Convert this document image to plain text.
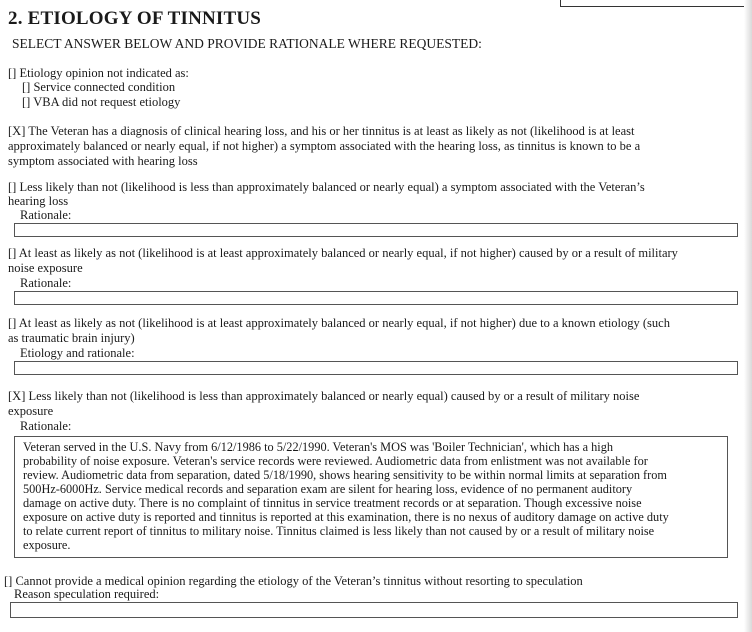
2. ETIOLOGY OF TINNITUS
SELECT ANSWER BELOW AND PROVIDE RATIONALE WHERE REQUESTED:
[] Etiology opinion not indicated as:
[] Service connected condition
[] VBA did not request etiology
[X] The Veteran has a diagnosis of clinical hearing loss, and his or her tinnitus is at least as likely as not (likelihood is at least
approximately balanced or nearly equal, if not higher) a symptom associated with the hearing loss, as tinnitus is known to be a
symptom associated with hearing loss
[] Less likely than not (likelihood is less than approximately balanced or nearly equal) a symptom associated with the Veteran’s
hearing loss
Rationale:
[] At least as likely as not (likelihood is at least approximately balanced or nearly equal, if not higher) caused by or a result of military
noise exposure
Rationale:
[] At least as likely as not (likelihood is at least approximately balanced or nearly equal, if not higher) due to a known etiology (such
as traumatic brain injury)
Etiology and rationale:
[X] Less likely than not (likelihood is less than approximately balanced or nearly equal) caused by or a result of military noise
exposure
Rationale:
Veteran served in the U.S. Navy from 6/12/1986 to 5/22/1990. Veteran's MOS was 'Boiler Technician', which has a high
probability of noise exposure. Veteran's service records were reviewed. Audiometric data from enlistment was not available for
review. Audiometric data from separation, dated 5/18/1990, shows hearing sensitivity to be within normal limits at separation from
500Hz-6000Hz. Service medical records and separation exam are silent for hearing loss, evidence of no permanent auditory
damage on active duty. There is no complaint of tinnitus in service treatment records or at separation. Though excessive noise
exposure on active duty is reported and tinnitus is reported at this examination, there is no nexus of auditory damage on active duty
to relate current report of tinnitus to military noise. Tinnitus claimed is less likely than not caused by or a result of military noise
exposure.
[] Cannot provide a medical opinion regarding the etiology of the Veteran’s tinnitus without resorting to speculation
Reason speculation required:
